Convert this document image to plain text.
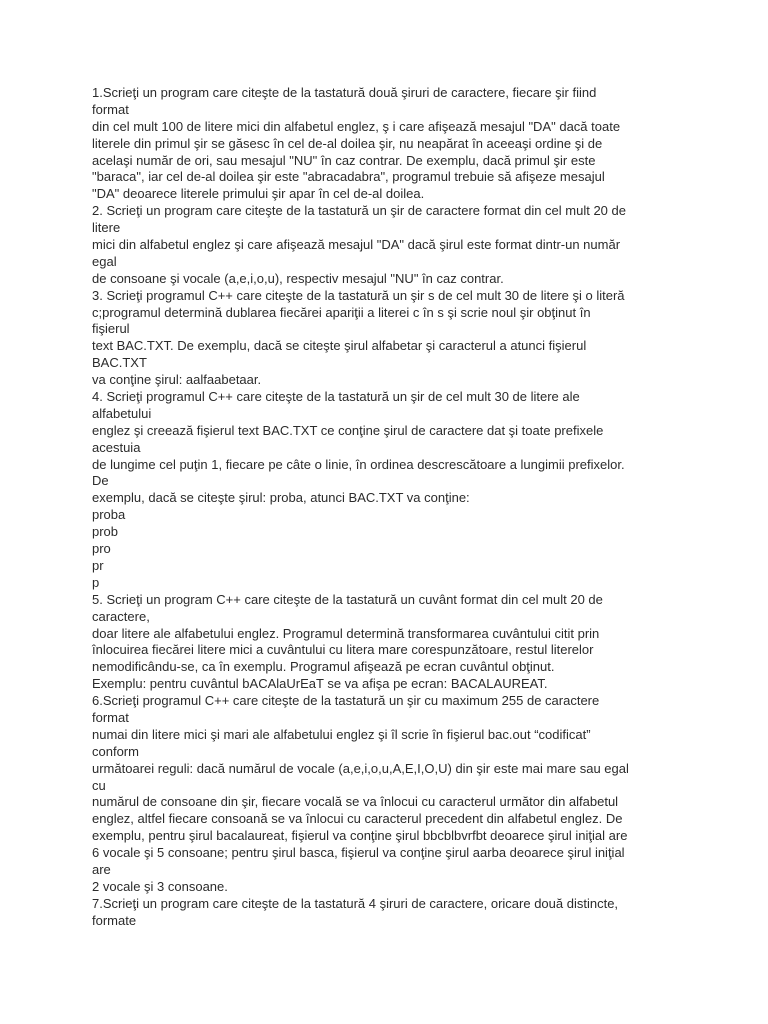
1.Scrieţi un program care citeşte de la tastatură două şiruri de caractere, fiecare şir fiind
format
din cel mult 100 de litere mici din alfabetul englez, ş i care afişează mesajul "DA" dacă toate
literele din primul şir se găsesc în cel de-al doilea şir, nu neapărat în aceeaşi ordine şi de
acelaşi număr de ori, sau mesajul "NU" în caz contrar. De exemplu, dacă primul şir este
"baraca", iar cel de-al doilea şir este "abracadabra", programul trebuie să afişeze mesajul
"DA" deoarece literele primului şir apar în cel de-al doilea.
2. Scrieţi un program care citeşte de la tastatură un şir de caractere format din cel mult 20 de
litere
mici din alfabetul englez şi care afişează mesajul "DA" dacă şirul este format dintr-un număr
egal
de consoane şi vocale (a,e,i,o,u), respectiv mesajul "NU" în caz contrar.
3. Scrieţi programul C++ care citeşte de la tastatură un şir s de cel mult 30 de litere şi o literă
c;programul determină dublarea fiecărei apariţii a literei c în s şi scrie noul şir obţinut în
fişierul
text BAC.TXT. De exemplu, dacă se citeşte şirul alfabetar şi caracterul a atunci fişierul
BAC.TXT
va conţine şirul: aalfaabetaar.
4. Scrieţi programul C++ care citeşte de la tastatură un şir de cel mult 30 de litere ale
alfabetului
englez şi creează fişierul text BAC.TXT ce conţine şirul de caractere dat şi toate prefixele
acestuia
de lungime cel puţin 1, fiecare pe câte o linie, în ordinea descrescătoare a lungimii prefixelor.
De
exemplu, dacă se citeşte şirul: proba, atunci BAC.TXT va conţine:
proba
prob
pro
pr
p
5. Scrieţi un program C++ care citeşte de la tastatură un cuvânt format din cel mult 20 de
caractere,
doar litere ale alfabetului englez. Programul determină transformarea cuvântului citit prin
înlocuirea fiecărei litere mici a cuvântului cu litera mare corespunzătoare, restul literelor
nemodificându-se, ca în exemplu. Programul afişează pe ecran cuvântul obţinut.
Exemplu: pentru cuvântul bACAlaUrEaT se va afişa pe ecran: BACALAUREAT.
6.Scrieţi programul C++ care citeşte de la tastatură un şir cu maximum 255 de caractere
format
numai din litere mici şi mari ale alfabetului englez şi îl scrie în fişierul bac.out “codificat”
conform
următoarei reguli: dacă numărul de vocale (a,e,i,o,u,A,E,I,O,U) din şir este mai mare sau egal
cu
numărul de consoane din şir, fiecare vocală se va înlocui cu caracterul următor din alfabetul
englez, altfel fiecare consoană se va înlocui cu caracterul precedent din alfabetul englez. De
exemplu, pentru şirul bacalaureat, fişierul va conţine şirul bbcblbvrfbt deoarece şirul iniţial are
6 vocale şi 5 consoane; pentru şirul basca, fişierul va conţine şirul aarba deoarece şirul iniţial
are
2 vocale şi 3 consoane.
7.Scrieţi un program care citeşte de la tastatură 4 şiruri de caractere, oricare două distincte,
formate
